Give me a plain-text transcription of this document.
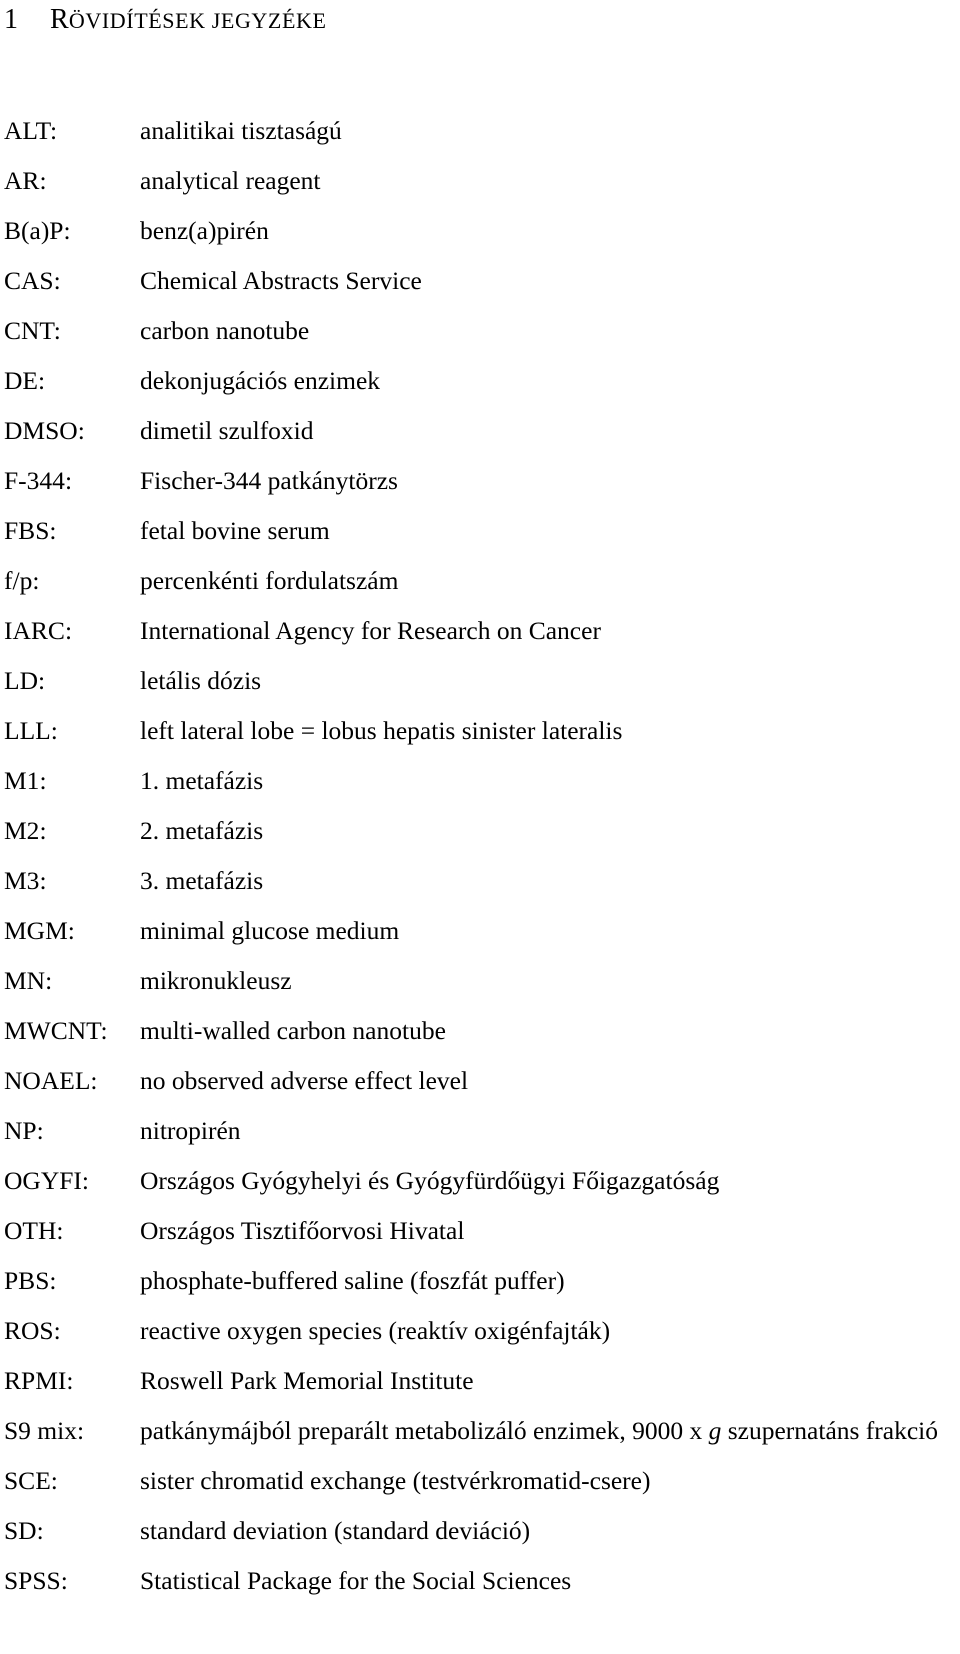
1 RÖVIDÍTÉSEK JEGYZÉKE
ALT:	analitikai tisztaságú
AR:	analytical reagent
B(a)P:	benz(a)pirén
CAS:	Chemical Abstracts Service
CNT:	carbon nanotube
DE:	dekonjugációs enzimek
DMSO:	dimetil szulfoxid
F-344:	Fischer-344 patkánytörzs
FBS:	fetal bovine serum
f/p:	percenkénti fordulatszám
IARC:	International Agency for Research on Cancer
LD:	letális dózis
LLL:	left lateral lobe = lobus hepatis sinister lateralis
M1:	1. metafázis
M2:	2. metafázis
M3:	3. metafázis
MGM:	minimal glucose medium
MN:	mikronukleusz
MWCNT:	multi-walled carbon nanotube
NOAEL:	no observed adverse effect level
NP:	nitropirén
OGYFI:	Országos Gyógyhelyi és Gyógyfürdőügyi Főigazgatóság
OTH:	Országos Tisztifőorvosi Hivatal
PBS:	phosphate-buffered saline (foszfát puffer)
ROS:	reactive oxygen species (reaktív oxigénfajták)
RPMI:	Roswell Park Memorial Institute
S9 mix:	patkánymájból preparált metabolizáló enzimek, 9000 x g szupernatáns frakció
SCE:	sister chromatid exchange (testvérkromatid-csere)
SD:	standard deviation (standard deviáció)
SPSS:	Statistical Package for the Social Sciences
